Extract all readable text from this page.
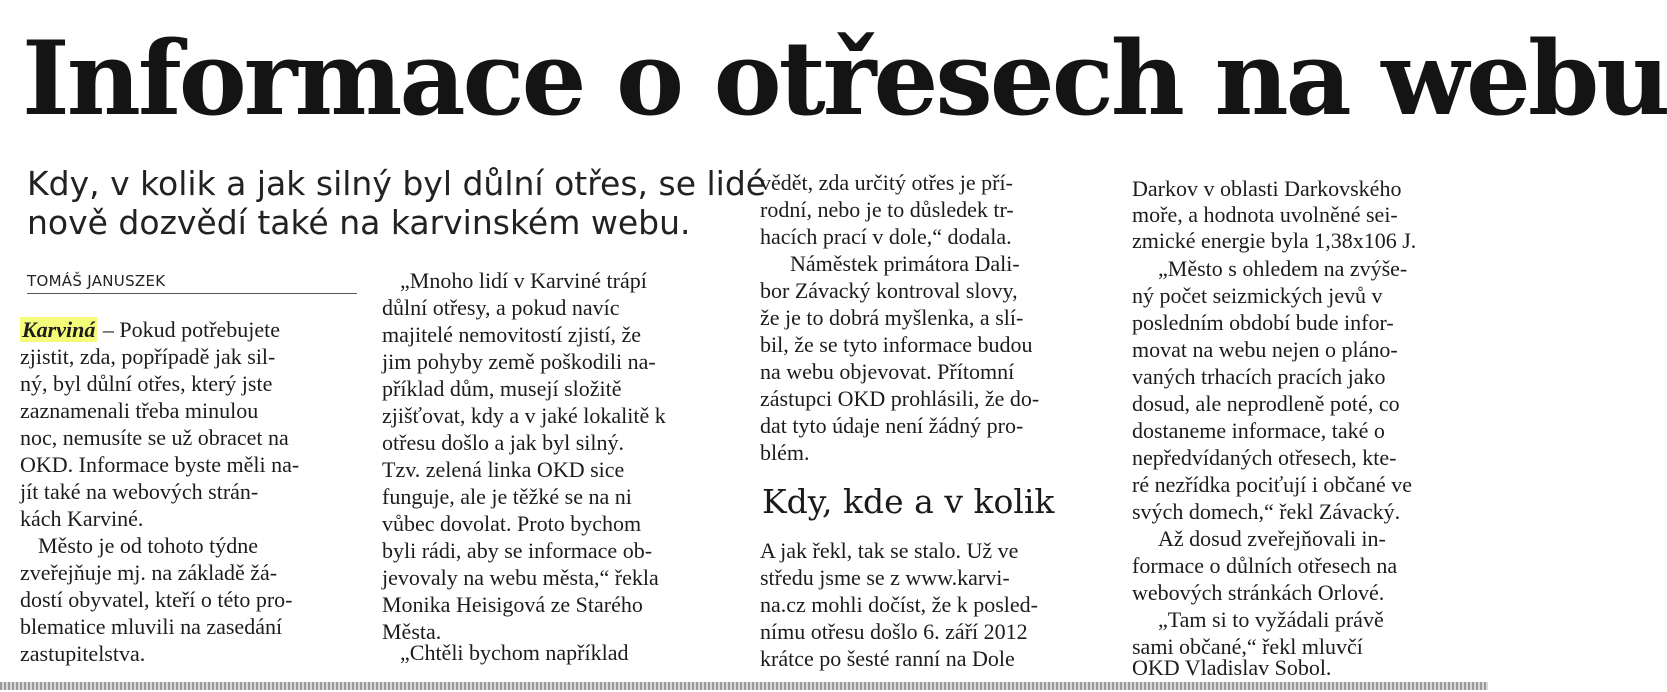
Informace o otřesech na webu
Kdy, v kolik a jak silný byl důlní otřes, se lidé
nově dozvědí také na karvinském webu.
TOMÁŠ JANUSZEK
Karviná – Pokud potřebujete
zjistit, zda, popřípadě jak sil-
ný, byl důlní otřes, který jste
zaznamenali třeba minulou
noc, nemusíte se už obracet na
OKD. Informace byste měli na-
jít také na webových strán-
kách Karviné.
Město je od tohoto týdne
zveřejňuje mj. na základě žá-
dostí obyvatel, kteří o této pro-
blematice mluvili na zasedání
zastupitelstva.
„Mnoho lidí v Karviné trápí
důlní otřesy, a pokud navíc
majitelé nemovitostí zjistí, že
jim pohyby země poškodili na-
příklad dům, musejí složitě
zjišťovat, kdy a v jaké lokalitě k
otřesu došlo a jak byl silný.
Tzv. zelená linka OKD sice
funguje, ale je těžké se na ni
vůbec dovolat. Proto bychom
byli rádi, aby se informace ob-
jevovaly na webu města,“ řekla
Monika Heisigová ze Starého
Města.
„Chtěli bychom například
vědět, zda určitý otřes je pří-
rodní, nebo je to důsledek tr-
hacích prací v dole,“ dodala.
Náměstek primátora Dali-
bor Závacký kontroval slovy,
že je to dobrá myšlenka, a slí-
bil, že se tyto informace budou
na webu objevovat. Přítomní
zástupci OKD prohlásili, že do-
dat tyto údaje není žádný pro-
blém.
Kdy, kde a v kolik
A jak řekl, tak se stalo. Už ve
středu jsme se z www.karvi-
na.cz mohli dočíst, že k posled-
nímu otřesu došlo 6. září 2012
krátce po šesté ranní na Dole
Darkov v oblasti Darkovského
moře, a hodnota uvolněné sei-
zmické energie byla 1,38x106 J.
„Město s ohledem na zvýše-
ný počet seizmických jevů v
posledním období bude infor-
movat na webu nejen o pláno-
vaných trhacích pracích jako
dosud, ale neprodleně poté, co
dostaneme informace, také o
nepředvídaných otřesech, kte-
ré nezřídka pociťují i občané ve
svých domech,“ řekl Závacký.
Až dosud zveřejňovali in-
formace o důlních otřesech na
webových stránkách Orlové.
„Tam si to vyžádali právě
sami občané,“ řekl mluvčí
OKD Vladislav Sobol.
